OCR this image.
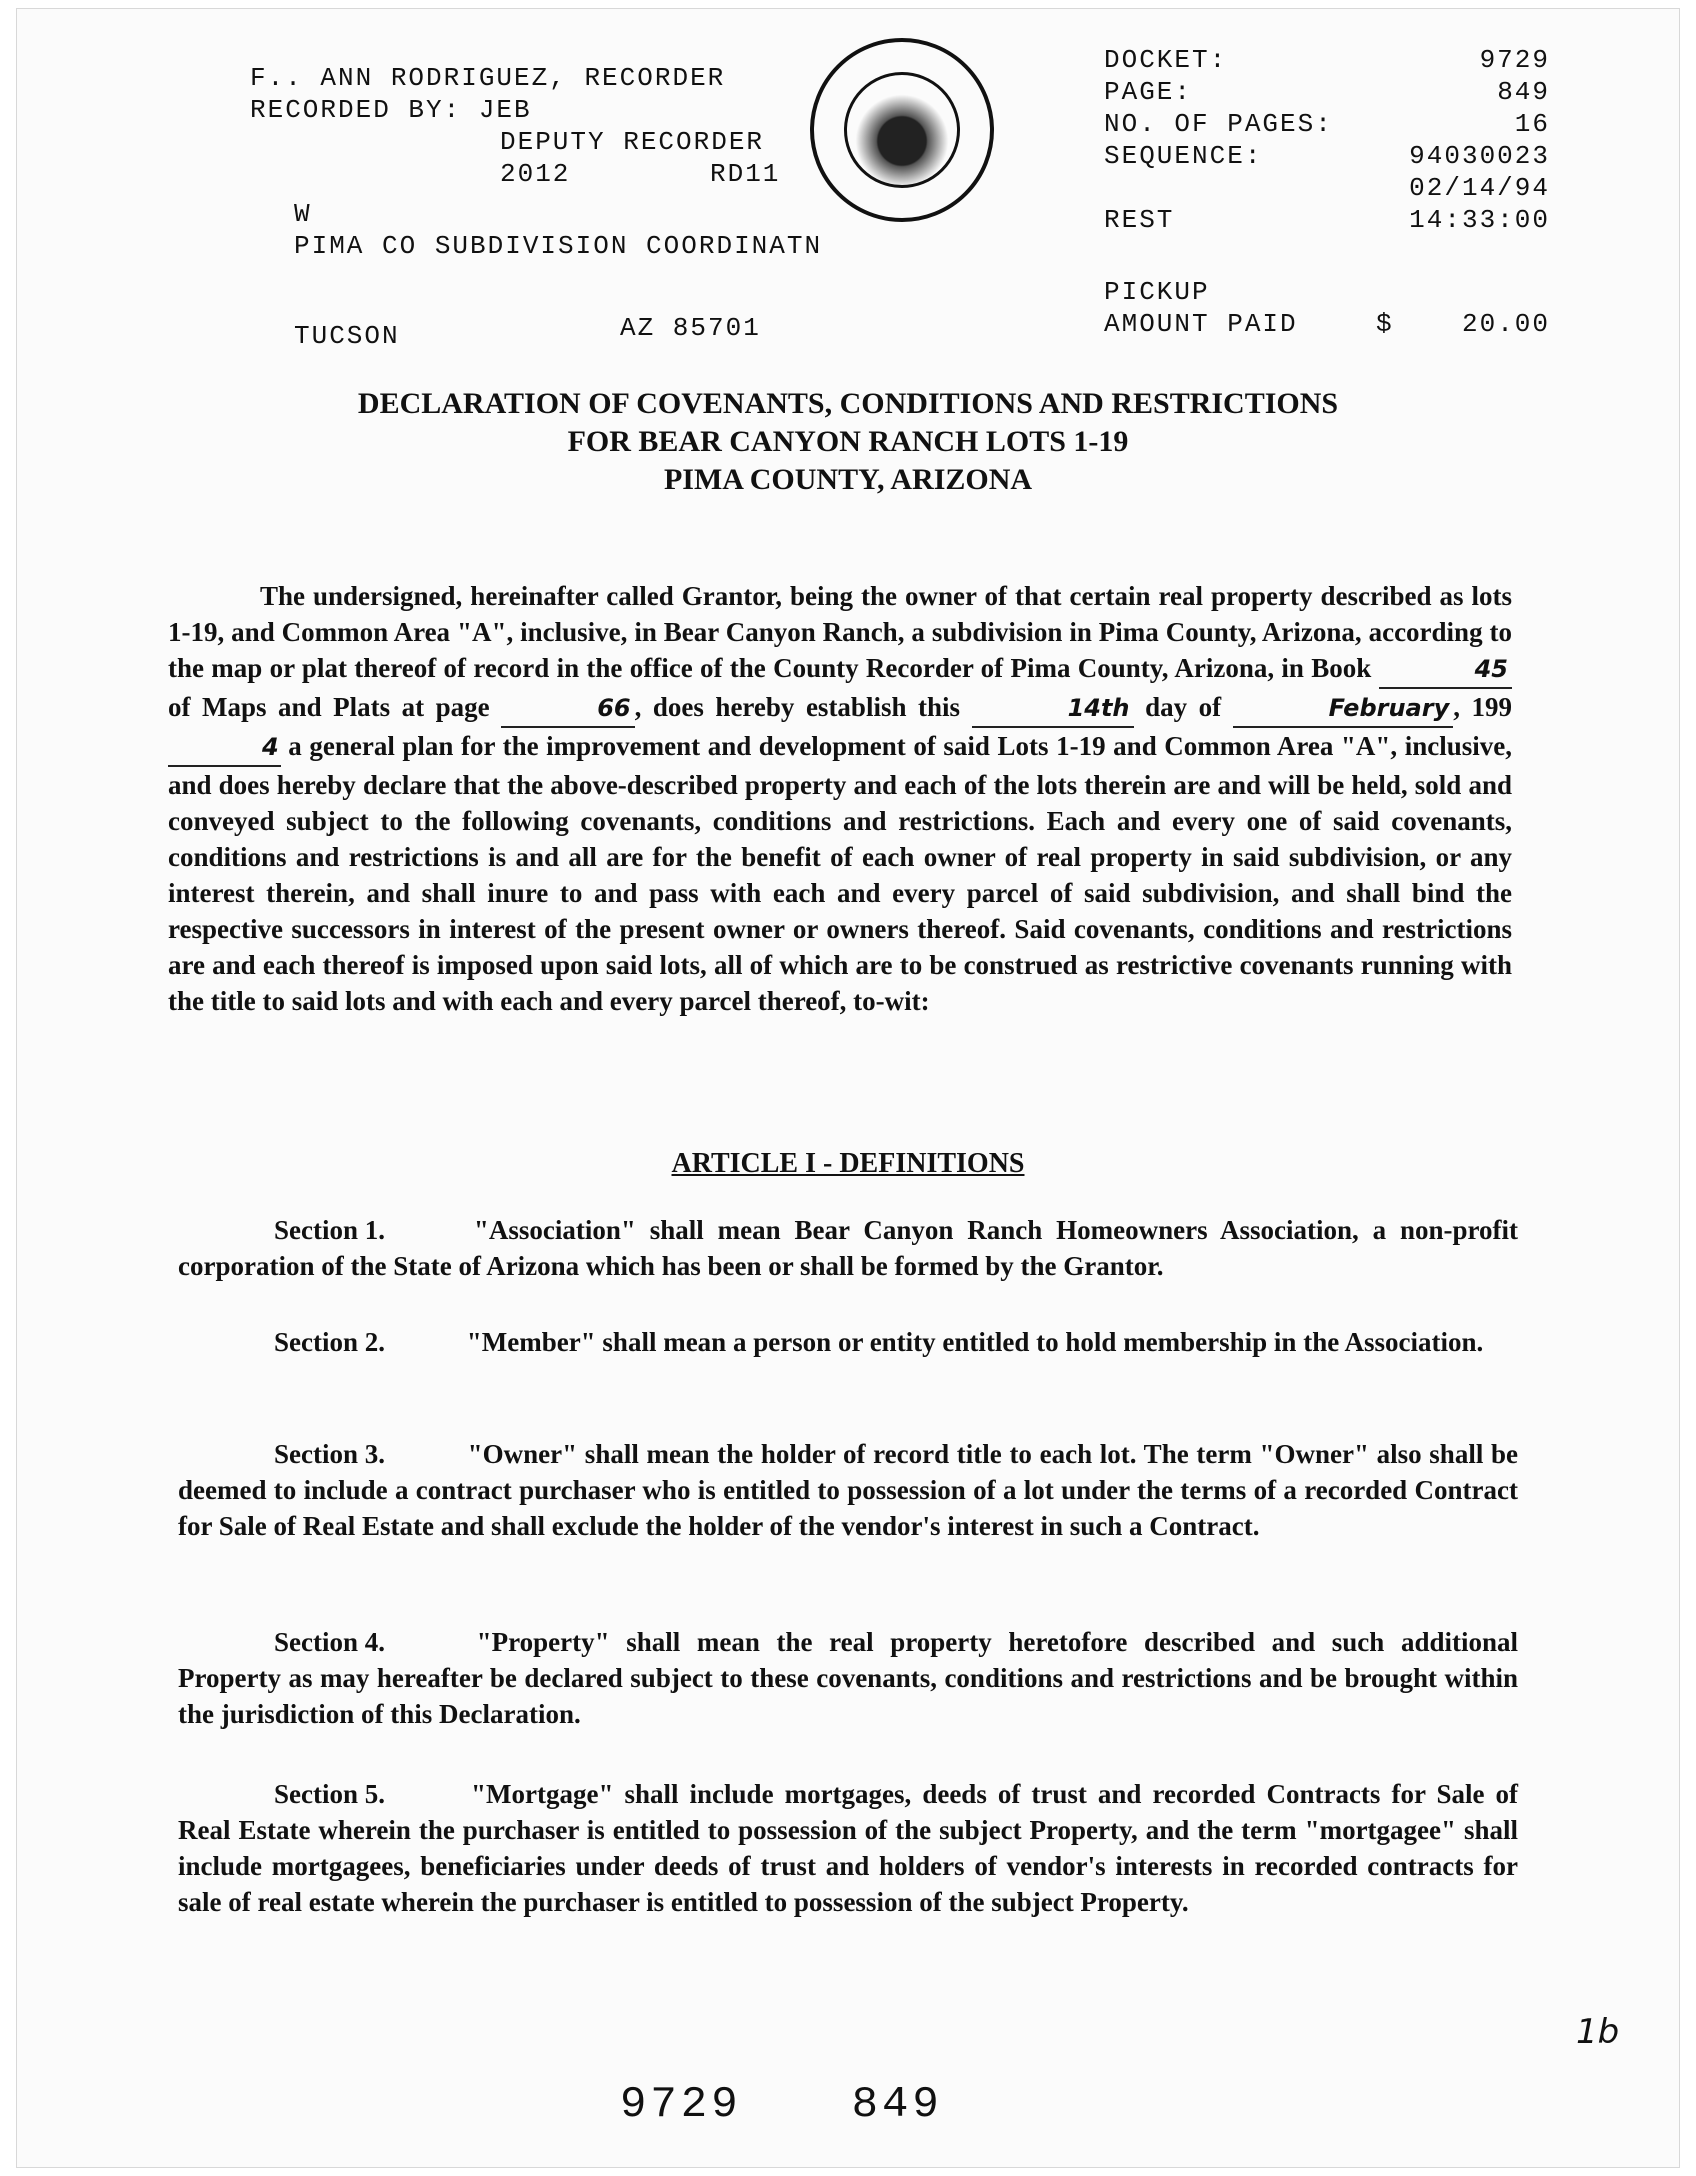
F.. ANN RODRIGUEZ, RECORDER
RECORDED BY: JEB
DEPUTY RECORDER
2012	RD11
W
PIMA CO SUBDIVISION COORDINATN
TUCSON	AZ 85701
DOCKET:	9729
PAGE:	849
NO. OF PAGES:	16
SEQUENCE:	94030023
02/14/94
REST	14:33:00
PICKUP
AMOUNT PAID	$	20.00
DECLARATION OF COVENANTS, CONDITIONS AND RESTRICTIONS
FOR BEAR CANYON RANCH LOTS 1-19
PIMA COUNTY, ARIZONA

The undersigned, hereinafter called Grantor, being the owner of that certain real property described as lots 1-19, and Common Area "A", inclusive, in Bear Canyon Ranch, a subdivision in Pima County, Arizona, according to the map or plat thereof of record in the office of the County Recorder of Pima County, Arizona, in Book	45 of Maps and Plats at page	66 , does hereby establish this	14th day of	February , 1994 a general plan for the improvement and development of said Lots 1-19 and Common Area "A", inclusive, and does hereby declare that the above-described property and each of the lots therein are and will be held, sold and conveyed subject to the following covenants, conditions and restrictions. Each and every one of said covenants, conditions and restrictions is and all are for the benefit of each owner of real property in said subdivision, or any interest therein, and shall inure to and pass with each and every parcel of said subdivision, and shall bind the respective successors in interest of the present owner or owners thereof. Said covenants, conditions and restrictions are and each thereof is imposed upon said lots, all of which are to be construed as restrictive covenants running with the title to said lots and with each and every parcel thereof, to-wit:

ARTICLE I - DEFINITIONS
Section 1.	"Association" shall mean Bear Canyon Ranch Homeowners Association, a non-profit corporation of the State of Arizona which has been or shall be formed by the Grantor.
Section 2.	"Member" shall mean a person or entity entitled to hold membership in the Association.
Section 3.	"Owner" shall mean the holder of record title to each lot. The term "Owner" also shall be deemed to include a contract purchaser who is entitled to possession of a lot under the terms of a recorded Contract for Sale of Real Estate and shall exclude the holder of the vendor's interest in such a Contract.
Section 4.	"Property" shall mean the real property heretofore described and such additional Property as may hereafter be declared subject to these covenants, conditions and restrictions and be brought within the jurisdiction of this Declaration.
Section 5.	"Mortgage" shall include mortgages, deeds of trust and recorded Contracts for Sale of Real Estate wherein the purchaser is entitled to possession of the subject Property, and the term "mortgagee" shall include mortgagees, beneficiaries under deeds of trust and holders of vendor's interests in recorded contracts for sale of real estate wherein the purchaser is entitled to possession of the subject Property.
1b
9729	849
